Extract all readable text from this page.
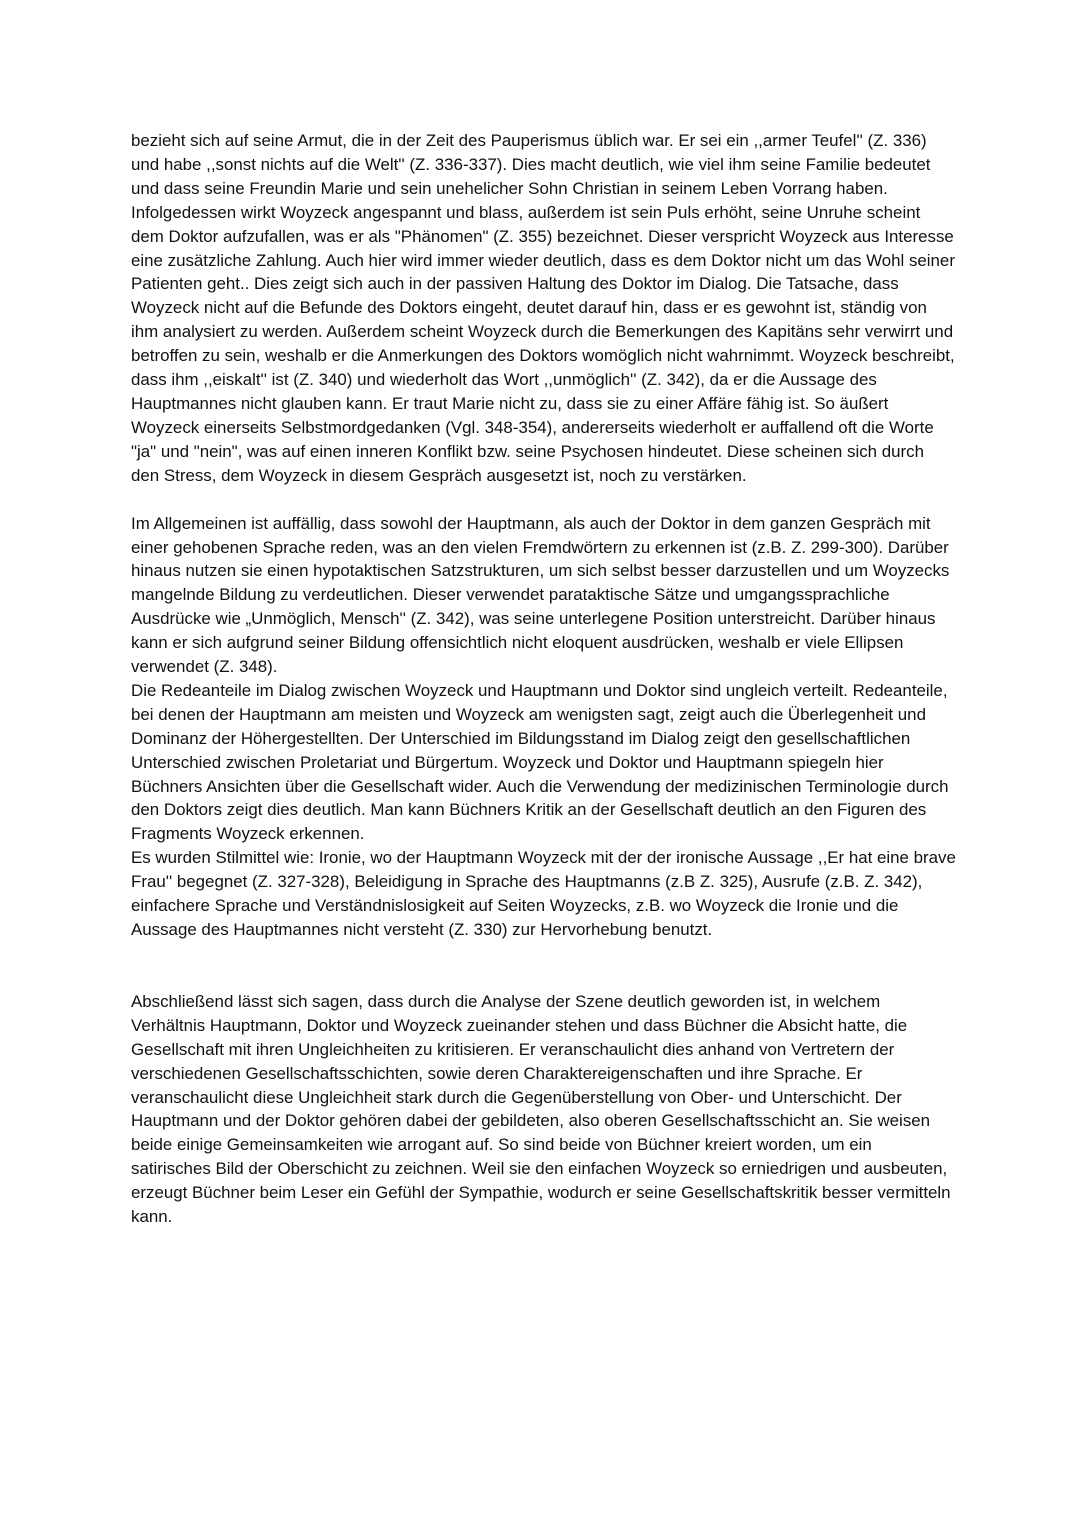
bezieht sich auf seine Armut, die in der Zeit des Pauperismus üblich war. Er sei ein ,,armer Teufel'' (Z. 336) und habe ,,sonst nichts auf die Welt'' (Z. 336-337). Dies macht deutlich, wie viel ihm seine Familie bedeutet und dass seine Freundin Marie und sein unehelicher Sohn Christian in seinem Leben Vorrang haben. Infolgedessen wirkt Woyzeck angespannt und blass, außerdem ist sein Puls erhöht, seine Unruhe scheint dem Doktor aufzufallen, was er als "Phänomen" (Z. 355) bezeichnet. Dieser verspricht Woyzeck aus Interesse eine zusätzliche Zahlung. Auch hier wird immer wieder deutlich, dass es dem Doktor nicht um das Wohl seiner Patienten geht.. Dies zeigt sich auch in der passiven Haltung des Doktor im Dialog. Die Tatsache, dass Woyzeck nicht auf die Befunde des Doktors eingeht, deutet darauf hin, dass er es gewohnt ist, ständig von ihm analysiert zu werden. Außerdem scheint Woyzeck durch die Bemerkungen des Kapitäns sehr verwirrt und betroffen zu sein, weshalb er die Anmerkungen des Doktors womöglich nicht wahrnimmt. Woyzeck beschreibt, dass ihm ,,eiskalt'' ist (Z. 340) und wiederholt das Wort ,,unmöglich'' (Z. 342), da er die Aussage des Hauptmannes nicht glauben kann. Er traut Marie nicht zu, dass sie zu einer Affäre fähig ist. So äußert Woyzeck einerseits Selbstmordgedanken (Vgl. 348-354), andererseits wiederholt er auffallend oft die Worte "ja" und "nein", was auf einen inneren Konflikt bzw. seine Psychosen hindeutet. Diese scheinen sich durch den Stress, dem Woyzeck in diesem Gespräch ausgesetzt ist, noch zu verstärken.

Im Allgemeinen ist auffällig, dass sowohl der Hauptmann, als auch der Doktor in dem ganzen Gespräch mit einer gehobenen Sprache reden, was an den vielen Fremdwörtern zu erkennen ist (z.B. Z. 299-300). Darüber hinaus nutzen sie einen hypotaktischen Satzstrukturen, um sich selbst besser darzustellen und um Woyzecks mangelnde Bildung zu verdeutlichen. Dieser verwendet parataktische Sätze und umgangssprachliche Ausdrücke wie „Unmöglich, Mensch'' (Z. 342), was seine unterlegene Position unterstreicht. Darüber hinaus kann er sich aufgrund seiner Bildung offensichtlich nicht eloquent ausdrücken, weshalb er viele Ellipsen verwendet (Z. 348).

Die Redeanteile im Dialog zwischen Woyzeck und Hauptmann und Doktor sind ungleich verteilt. Redeanteile, bei denen der Hauptmann am meisten und Woyzeck am wenigsten sagt, zeigt auch die Überlegenheit und Dominanz der Höhergestellten. Der Unterschied im Bildungsstand im Dialog zeigt den gesellschaftlichen Unterschied zwischen Proletariat und Bürgertum. Woyzeck und Doktor und Hauptmann spiegeln hier Büchners Ansichten über die Gesellschaft wider. Auch die Verwendung der medizinischen Terminologie durch den Doktors zeigt dies deutlich. Man kann Büchners Kritik an der Gesellschaft deutlich an den Figuren des Fragments Woyzeck erkennen.

Es wurden Stilmittel wie: Ironie, wo der Hauptmann Woyzeck mit der der ironische Aussage ,,Er hat eine brave Frau'' begegnet (Z. 327-328), Beleidigung in Sprache des Hauptmanns (z.B Z. 325), Ausrufe (z.B. Z. 342), einfachere Sprache und Verständnislosigkeit auf Seiten Woyzecks, z.B. wo Woyzeck die Ironie und die Aussage des Hauptmannes nicht versteht (Z. 330) zur Hervorhebung benutzt.

Abschließend lässt sich sagen, dass durch die Analyse der Szene deutlich geworden ist, in welchem Verhältnis Hauptmann, Doktor und Woyzeck zueinander stehen und dass Büchner die Absicht hatte, die Gesellschaft mit ihren Ungleichheiten zu kritisieren. Er veranschaulicht dies anhand von Vertretern der verschiedenen Gesellschaftsschichten, sowie deren Charaktereigenschaften und ihre Sprache. Er veranschaulicht diese Ungleichheit stark durch die Gegenüberstellung von Ober- und Unterschicht. Der Hauptmann und der Doktor gehören dabei der gebildeten, also oberen Gesellschaftsschicht an. Sie weisen beide einige Gemeinsamkeiten wie arrogant auf. So sind beide von Büchner kreiert worden, um ein satirisches Bild der Oberschicht zu zeichnen. Weil sie den einfachen Woyzeck so erniedrigen und ausbeuten, erzeugt Büchner beim Leser ein Gefühl der Sympathie, wodurch er seine Gesellschaftskritik besser vermitteln kann.
